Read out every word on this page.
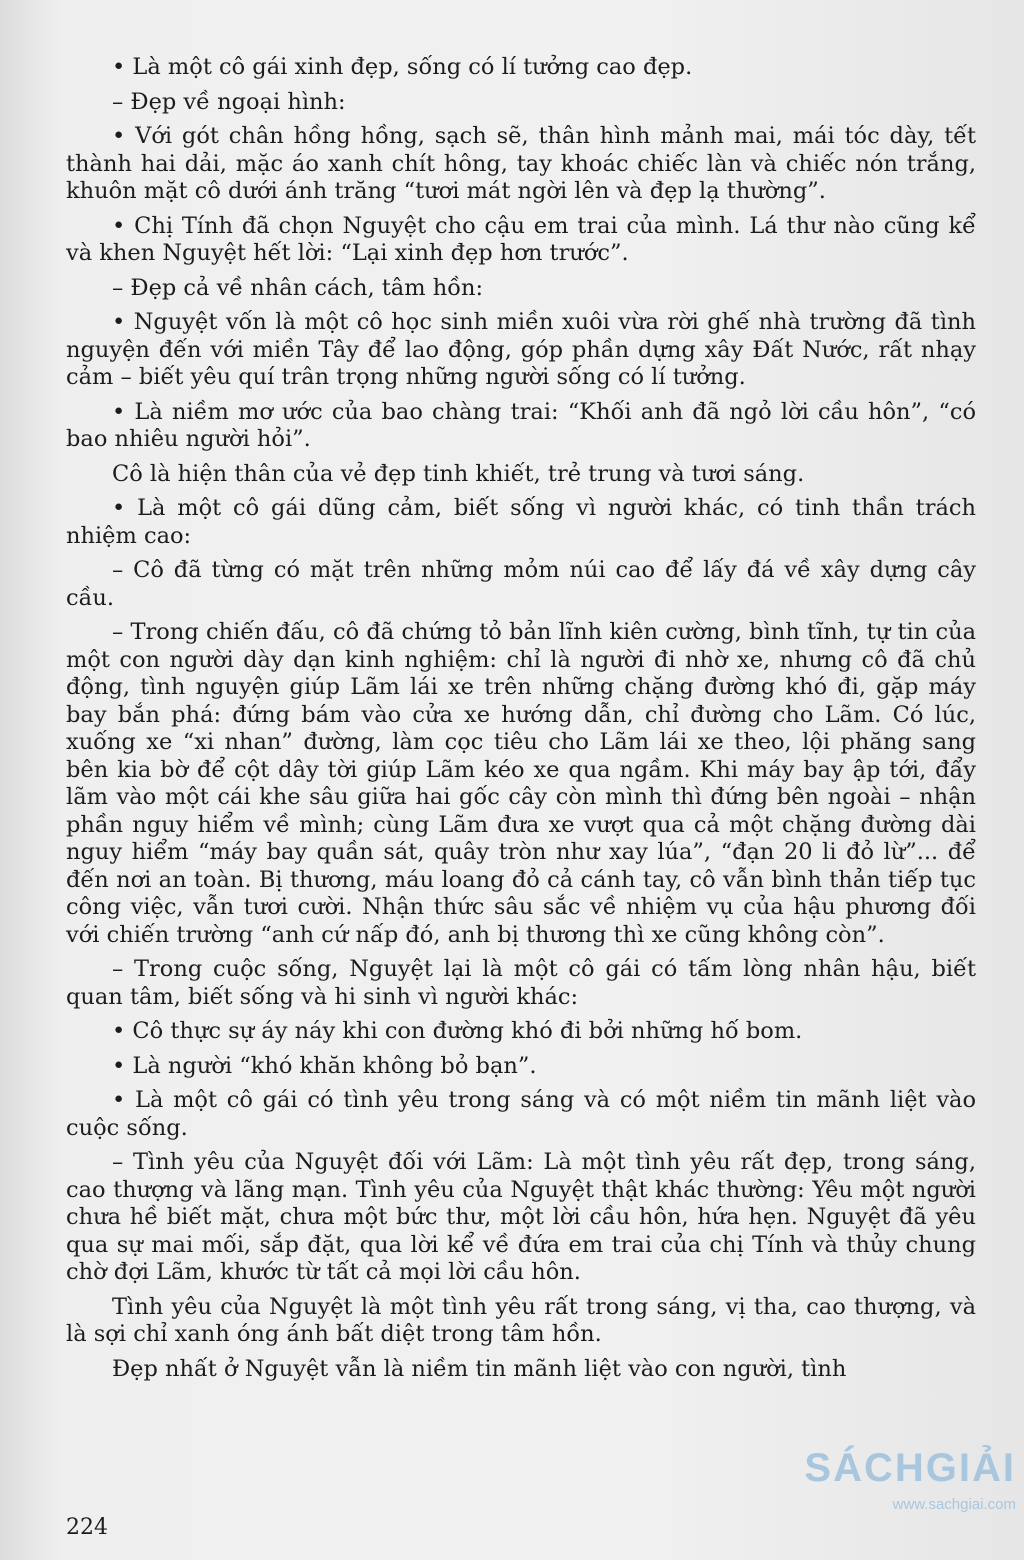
• Là một cô gái xinh đẹp, sống có lí tưởng cao đẹp.

– Đẹp về ngoại hình:

• Với gót chân hồng hồng, sạch sẽ, thân hình mảnh mai, mái tóc dày, tết thành hai dải, mặc áo xanh chít hông, tay khoác chiếc làn và chiếc nón trắng, khuôn mặt cô dưới ánh trăng “tươi mát ngời lên và đẹp lạ thường”.

• Chị Tính đã chọn Nguyệt cho cậu em trai của mình. Lá thư nào cũng kể và khen Nguyệt hết lời: “Lại xinh đẹp hơn trước”.

– Đẹp cả về nhân cách, tâm hồn:

• Nguyệt vốn là một cô học sinh miền xuôi vừa rời ghế nhà trường đã tình nguyện đến với miền Tây để lao động, góp phần dựng xây Đất Nước, rất nhạy cảm – biết yêu quí trân trọng những người sống có lí tưởng.

• Là niềm mơ ước của bao chàng trai: “Khối anh đã ngỏ lời cầu hôn”, “có bao nhiêu người hỏi”.

Cô là hiện thân của vẻ đẹp tinh khiết, trẻ trung và tươi sáng.

• Là một cô gái dũng cảm, biết sống vì người khác, có tinh thần trách nhiệm cao:

– Cô đã từng có mặt trên những mỏm núi cao để lấy đá về xây dựng cây cầu.

– Trong chiến đấu, cô đã chứng tỏ bản lĩnh kiên cường, bình tĩnh, tự tin của một con người dày dạn kinh nghiệm: chỉ là người đi nhờ xe, nhưng cô đã chủ động, tình nguyện giúp Lãm lái xe trên những chặng đường khó đi, gặp máy bay bắn phá: đứng bám vào cửa xe hướng dẫn, chỉ đường cho Lãm. Có lúc, xuống xe “xi nhan” đường, làm cọc tiêu cho Lãm lái xe theo, lội phăng sang bên kia bờ để cột dây tời giúp Lãm kéo xe qua ngầm. Khi máy bay ập tới, đẩy lãm vào một cái khe sâu giữa hai gốc cây còn mình thì đứng bên ngoài – nhận phần nguy hiểm về mình; cùng Lãm đưa xe vượt qua cả một chặng đường dài nguy hiểm “máy bay quần sát, quây tròn như xay lúa”, “đạn 20 li đỏ lừ”... để đến nơi an toàn. Bị thương, máu loang đỏ cả cánh tay, cô vẫn bình thản tiếp tục công việc, vẫn tươi cười. Nhận thức sâu sắc về nhiệm vụ của hậu phương đối với chiến trường “anh cứ nấp đó, anh bị thương thì xe cũng không còn”.

– Trong cuộc sống, Nguyệt lại là một cô gái có tấm lòng nhân hậu, biết quan tâm, biết sống và hi sinh vì người khác:

• Cô thực sự áy náy khi con đường khó đi bởi những hố bom.

• Là người “khó khăn không bỏ bạn”.

• Là một cô gái có tình yêu trong sáng và có một niềm tin mãnh liệt vào cuộc sống.

– Tình yêu của Nguyệt đối với Lãm: Là một tình yêu rất đẹp, trong sáng, cao thượng và lãng mạn. Tình yêu của Nguyệt thật khác thường: Yêu một người chưa hề biết mặt, chưa một bức thư, một lời cầu hôn, hứa hẹn. Nguyệt đã yêu qua sự mai mối, sắp đặt, qua lời kể về đứa em trai của chị Tính và thủy chung chờ đợi Lãm, khước từ tất cả mọi lời cầu hôn.

Tình yêu của Nguyệt là một tình yêu rất trong sáng, vị tha, cao thượng, và là sợi chỉ xanh óng ánh bất diệt trong tâm hồn.

Đẹp nhất ở Nguyệt vẫn là niềm tin mãnh liệt vào con người, tình

224
SÁCHGIẢI
www.sachgiai.com
